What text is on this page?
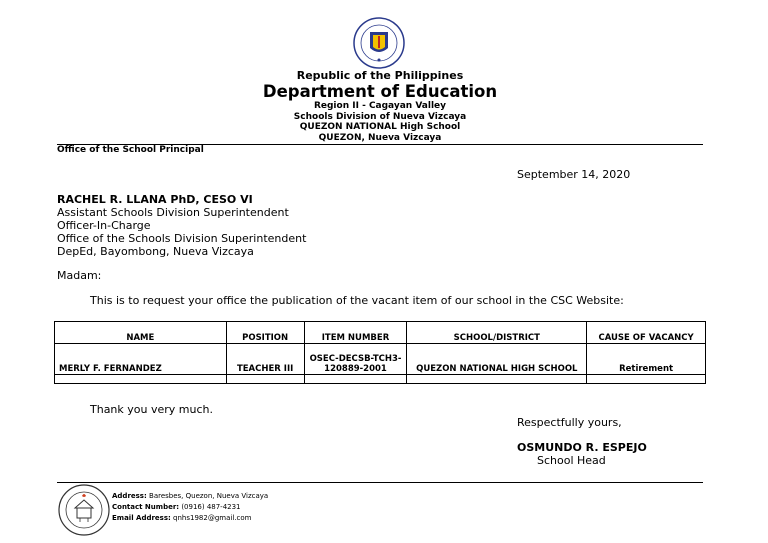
Republic of the Philippines
Department of Education
Region II - Cagayan Valley
Schools Division of Nueva Vizcaya
QUEZON NATIONAL High School
QUEZON, Nueva Vizcaya
Office of the School Principal
September 14, 2020
RACHEL R. LLANA PhD, CESO VI
Assistant Schools Division Superintendent
Officer-In-Charge
Office of the Schools Division Superintendent
DepEd, Bayombong, Nueva Vizcaya
Madam:
This is to request your office the publication of the vacant item of our school in the CSC Website:
NAME	POSITION	ITEM NUMBER	SCHOOL/DISTRICT	CAUSE OF VACANCY
MERLY F. FERNANDEZ	TEACHER III	OSEC-DECSB-TCH3-120889-2001	QUEZON NATIONAL HIGH SCHOOL	Retirement

Thank you very much.
Respectfully yours,
OSMUNDO R. ESPEJO
School Head
Address: Baresbes, Quezon, Nueva Vizcaya
Contact Number: (0916) 487-4231
Email Address: qnhs1982@gmail.com
